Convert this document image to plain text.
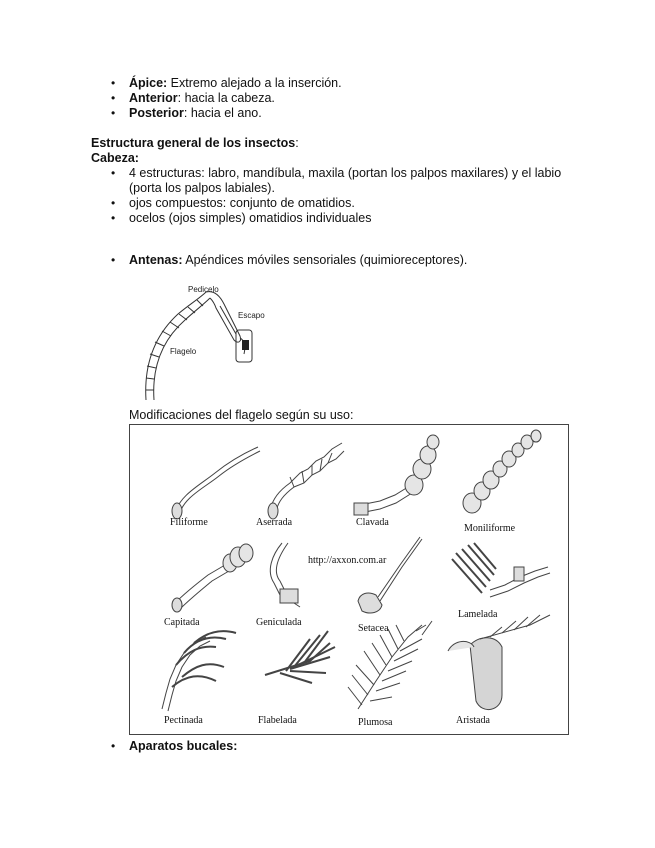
• Ápice: Extremo alejado a la inserción.
• Anterior: hacia la cabeza.
• Posterior: hacia el ano.
Estructura general de los insectos:
Cabeza:
• 4 estructuras: labro, mandíbula, maxila (portan los palpos maxilares) y el labio
(porta los palpos labiales).
• ojos compuestos: conjunto de omatidios.
• ocelos (ojos simples) omatidios individuales
• Antenas: Apéndices móviles sensoriales (quimioreceptores).
Pedicelo
Escapo
Flagelo
Modificaciones del flagelo según su uso:
Filiforme	Aserrada	Clavada
Moniliforme
Capitada	Geniculada
Setacea
Lamelada
Pectinada	Flabelada	Plumosa	Aristada
http://axxon.com.ar
• Aparatos bucales:
